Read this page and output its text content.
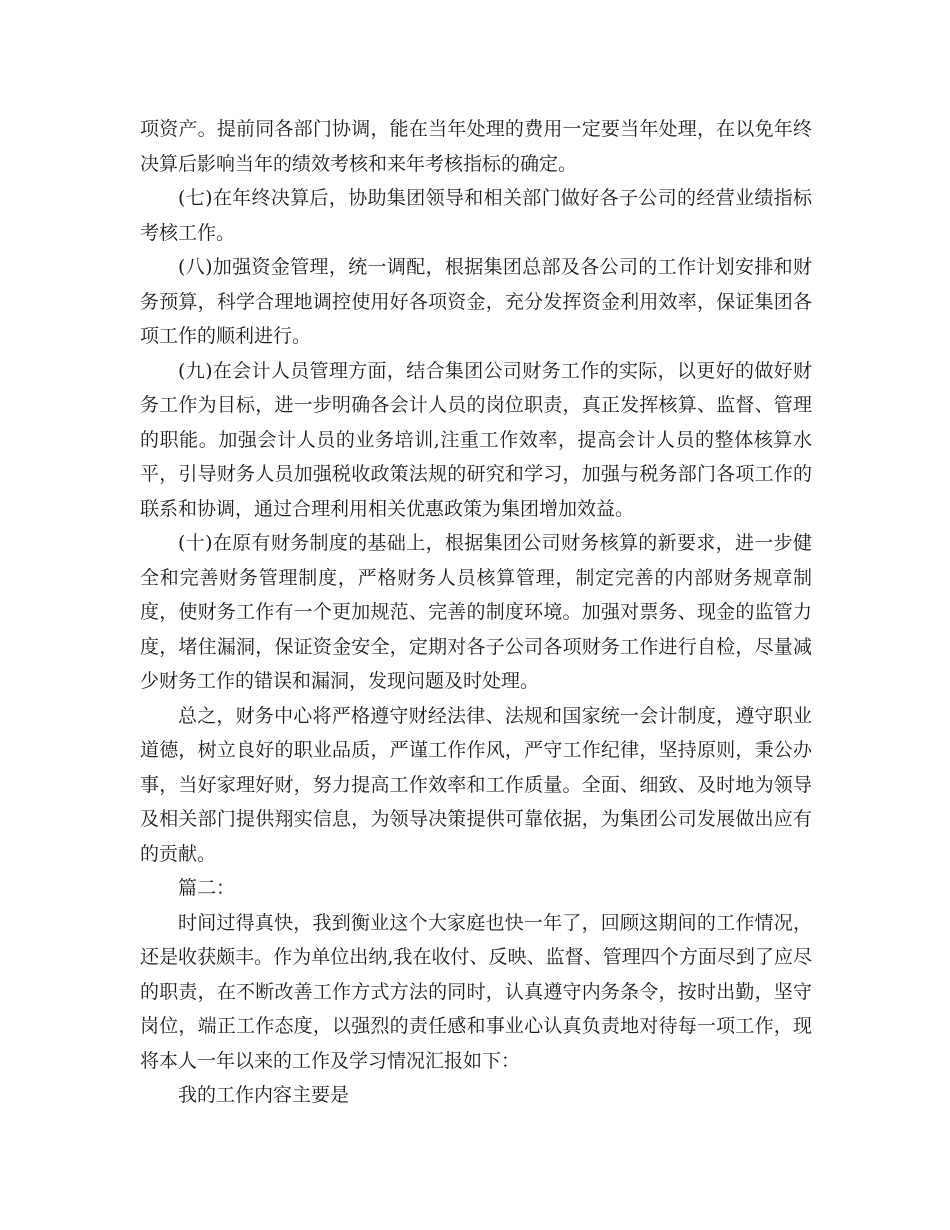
项资产。提前同各部门协调，能在当年处理的费用一定要当年处理，在以免年终决算后影响当年的绩效考核和来年考核指标的确定。

(七)在年终决算后，协助集团领导和相关部门做好各子公司的经营业绩指标考核工作。

(八)加强资金管理，统一调配，根据集团总部及各公司的工作计划安排和财务预算，科学合理地调控使用好各项资金，充分发挥资金利用效率，保证集团各项工作的顺利进行。

(九)在会计人员管理方面，结合集团公司财务工作的实际，以更好的做好财务工作为目标，进一步明确各会计人员的岗位职责，真正发挥核算、监督、管理的职能。加强会计人员的业务培训,注重工作效率，提高会计人员的整体核算水平，引导财务人员加强税收政策法规的研究和学习，加强与税务部门各项工作的联系和协调，通过合理利用相关优惠政策为集团增加效益。

(十)在原有财务制度的基础上，根据集团公司财务核算的新要求，进一步健全和完善财务管理制度，严格财务人员核算管理，制定完善的内部财务规章制度，使财务工作有一个更加规范、完善的制度环境。加强对票务、现金的监管力度，堵住漏洞，保证资金安全，定期对各子公司各项财务工作进行自检，尽量减少财务工作的错误和漏洞，发现问题及时处理。

总之，财务中心将严格遵守财经法律、法规和国家统一会计制度，遵守职业道德，树立良好的职业品质，严谨工作作风，严守工作纪律，坚持原则，秉公办事，当好家理好财，努力提高工作效率和工作质量。全面、细致、及时地为领导及相关部门提供翔实信息，为领导决策提供可靠依据，为集团公司发展做出应有的贡献。

篇二：

时间过得真快，我到衡业这个大家庭也快一年了，回顾这期间的工作情况，还是收获颇丰。作为单位出纳,我在收付、反映、监督、管理四个方面尽到了应尽的职责，在不断改善工作方式方法的同时，认真遵守内务条令，按时出勤，坚守岗位，端正工作态度，以强烈的责任感和事业心认真负责地对待每一项工作，现将本人一年以来的工作及学习情况汇报如下：

我的工作内容主要是
